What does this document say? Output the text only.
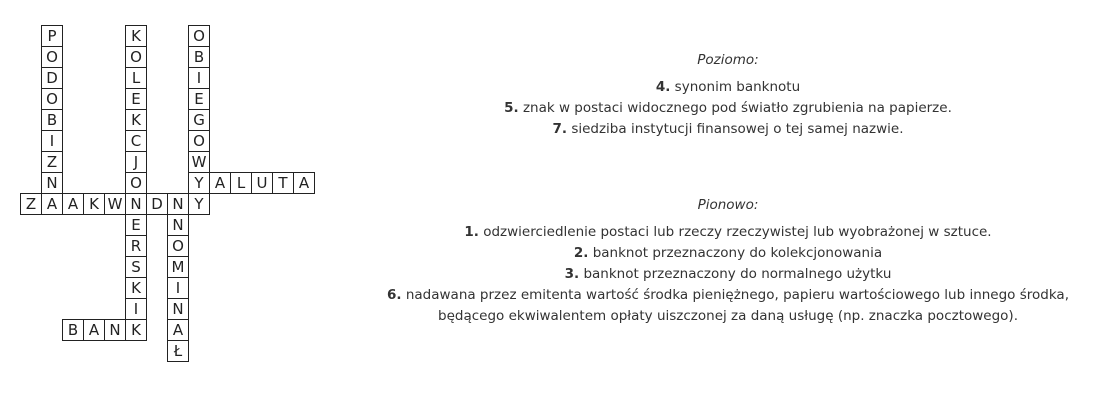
P
O
D
O
B
I
Z
N
A
K
O
L
E
K
C
J
O
N
E
R
S
K
I
O
B
I
E
G
O
W
Y A L U T A
Z A K W D N Y
N
O
M
I
N
A
Ł
B A N K
Poziomo:
4. synonim banknotu
5. znak w postaci widocznego pod światło zgrubienia na papierze.
7. siedziba instytucji finansowej o tej samej nazwie.
Pionowo:
1. odzwierciedlenie postaci lub rzeczy rzeczywistej lub wyobrażonej w sztuce.
2. banknot przeznaczony do kolekcjonowania
3. banknot przeznaczony do normalnego użytku
6. nadawana przez emitenta wartość środka pieniężnego, papieru wartościowego lub innego środka, będącego ekwiwalentem opłaty uiszczonej za daną usługę (np. znaczka pocztowego).
